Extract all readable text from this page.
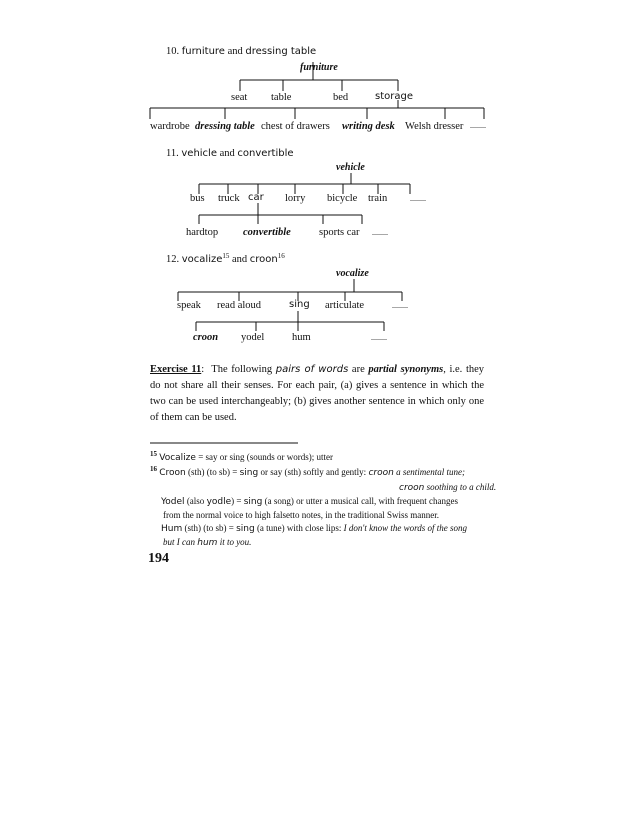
10. furniture and dressing table
furniture
seat table	bed	storage
wardrobe dressing table chest of drawers writing desk Welsh dresser ........
11. vehicle and convertible
vehicle
bus truck car lorry bicycle train	........
hardtop convertible	sports car ........
12. vocalize$^{15}$ and croon$^{16}$
vocalize
speak read aloud	sing articulate	........
croon yodel	hum	........
Exercise 11: The following pairs of words are partial synonyms, i.e. they do not share all their senses. For each pair, (a) gives a sentence in which the two can be used interchangeably; (b) gives another sentence in which only one of them can be used.
$^{15}$ Vocalize = say or sing (sounds or words); utter
$^{16}$ Croon (sth) (to sb) = sing or say (sth) softly and gently: croon a sentimental tune;
croon soothing to a child.
Yodel (also yodle) = sing (a song) or utter a musical call, with frequent changes
from the normal voice to high falsetto notes, in the traditional Swiss manner.
Hum (sth) (to sb) = sing (a tune) with close lips: I don't know the words of the song
but I can hum it to you.
194
